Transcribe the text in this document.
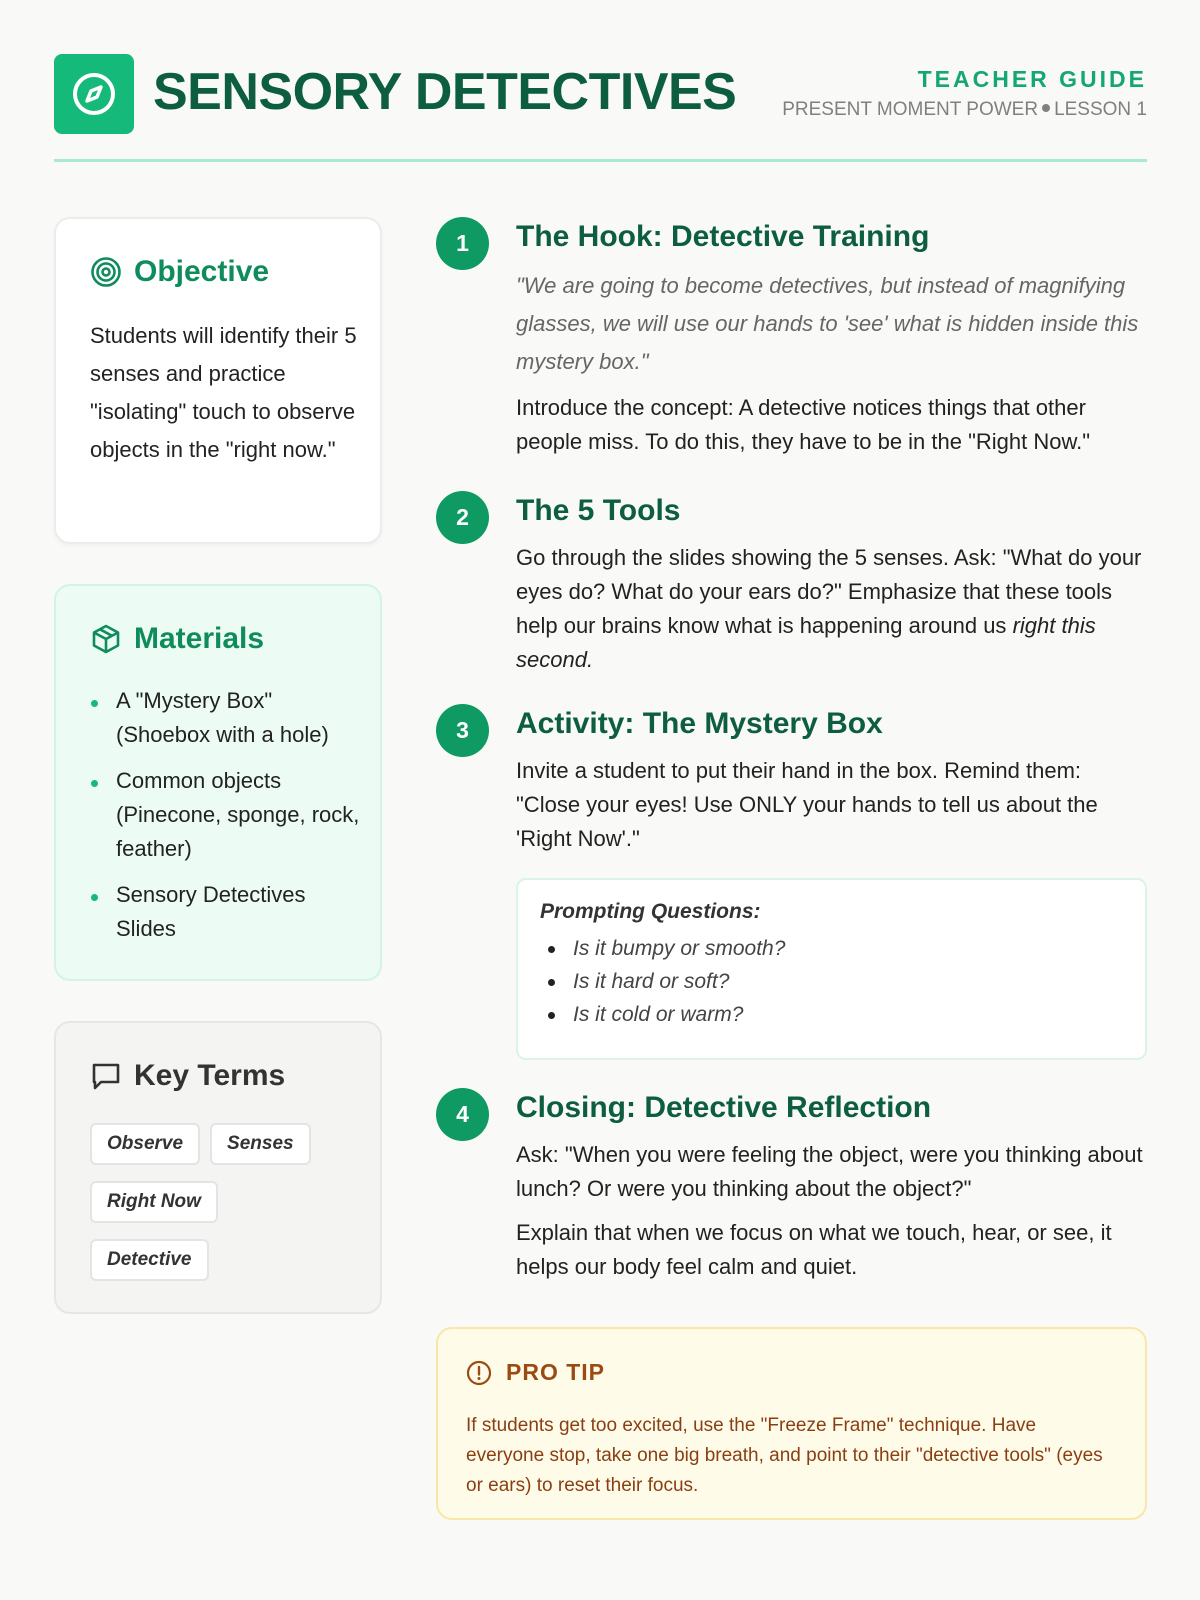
SENSORY DETECTIVES	TEACHER GUIDE
PRESENT MOMENT POWER LESSON 1
Objective
Students will identify their 5 senses and practice "isolating" touch to observe objects in the "right now."
Materials
A "Mystery Box" (Shoebox with a hole)
Common objects (Pinecone, sponge, rock, feather)
Sensory Detectives Slides
Key Terms
Observe	Senses
Right Now
Detective
1	The Hook: Detective Training
"We are going to become detectives, but instead of magnifying glasses, we will use our hands to 'see' what is hidden inside this mystery box."
Introduce the concept: A detective notices things that other people miss. To do this, they have to be in the "Right Now."
2	The 5 Tools
Go through the slides showing the 5 senses. Ask: "What do your eyes do? What do your ears do?" Emphasize that these tools help our brains know what is happening around us right this second.
3	Activity: The Mystery Box
Invite a student to put their hand in the box. Remind them: "Close your eyes! Use ONLY your hands to tell us about the 'Right Now'."
Prompting Questions:
Is it bumpy or smooth?
Is it hard or soft?
Is it cold or warm?
4	Closing: Detective Reflection
Ask: "When you were feeling the object, were you thinking about lunch? Or were you thinking about the object?"
Explain that when we focus on what we touch, hear, or see, it helps our body feel calm and quiet.
PRO TIP
If students get too excited, use the "Freeze Frame" technique. Have everyone stop, take one big breath, and point to their "detective tools" (eyes or ears) to reset their focus.
